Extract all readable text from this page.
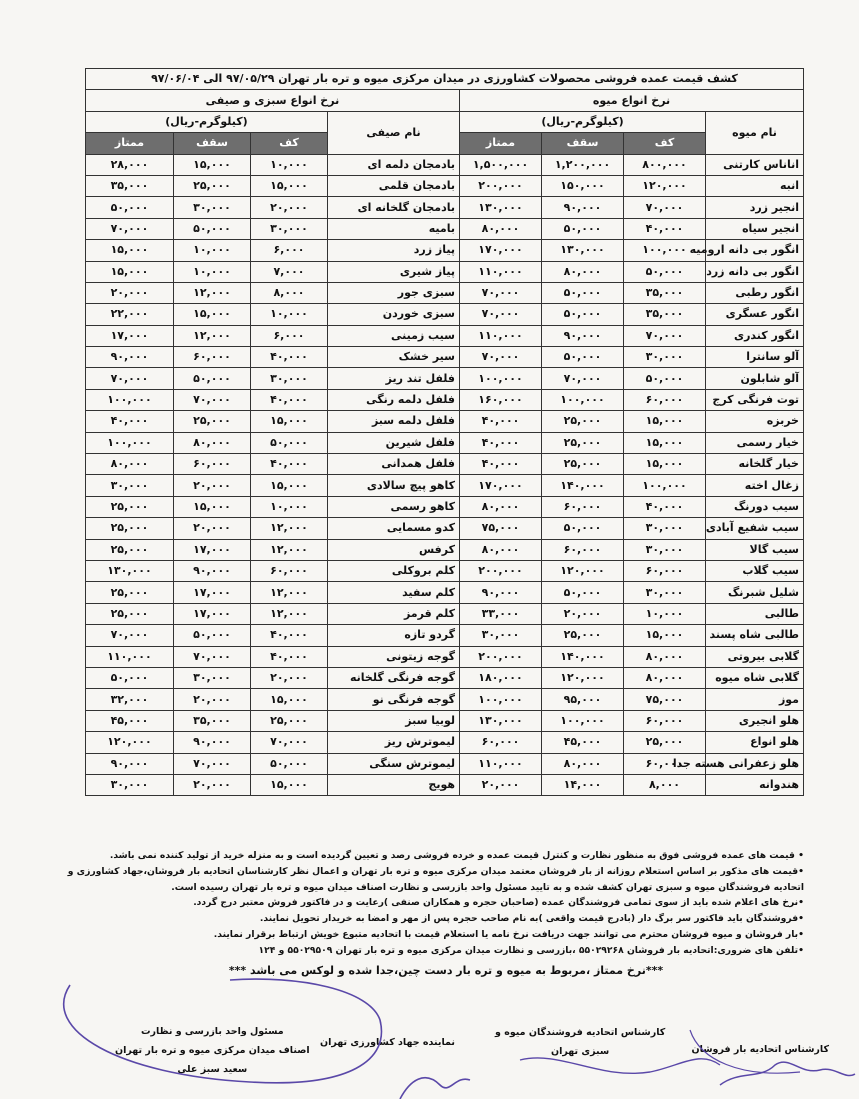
کشف قیمت عمده فروشی محصولات کشاورزی در میدان مرکزی میوه و تره بار تهران ۹۷/۰۵/۲۹ الی ۹۷/۰۶/۰۴							
نرخ انواع میوه				نرخ انواع سبزی و صیفی			
نام میوه	(کیلوگرم-ریال)			نام صیفی	(کیلوگرم-ریال)		
	کف	سقف	ممتاز		کف	سقف	ممتاز
اناناس کارتنی	۸۰۰,۰۰۰	۱,۲۰۰,۰۰۰	۱,۵۰۰,۰۰۰	بادمجان دلمه ای	۱۰,۰۰۰	۱۵,۰۰۰	۲۸,۰۰۰
انبه	۱۲۰,۰۰۰	۱۵۰,۰۰۰	۲۰۰,۰۰۰	بادمجان قلمی	۱۵,۰۰۰	۲۵,۰۰۰	۳۵,۰۰۰
انجیر زرد	۷۰,۰۰۰	۹۰,۰۰۰	۱۳۰,۰۰۰	بادمجان گلخانه ای	۲۰,۰۰۰	۳۰,۰۰۰	۵۰,۰۰۰
انجیر سیاه	۴۰,۰۰۰	۵۰,۰۰۰	۸۰,۰۰۰	بامیه	۳۰,۰۰۰	۵۰,۰۰۰	۷۰,۰۰۰
انگور بی دانه ارومیه	۱۰۰,۰۰۰	۱۳۰,۰۰۰	۱۷۰,۰۰۰	پیاز زرد	۶,۰۰۰	۱۰,۰۰۰	۱۵,۰۰۰
انگور بی دانه زرد	۵۰,۰۰۰	۸۰,۰۰۰	۱۱۰,۰۰۰	پیاز شیری	۷,۰۰۰	۱۰,۰۰۰	۱۵,۰۰۰
انگور رطبی	۳۵,۰۰۰	۵۰,۰۰۰	۷۰,۰۰۰	سبزی جور	۸,۰۰۰	۱۲,۰۰۰	۲۰,۰۰۰
انگور عسگری	۳۵,۰۰۰	۵۰,۰۰۰	۷۰,۰۰۰	سبزی خوردن	۱۰,۰۰۰	۱۵,۰۰۰	۲۲,۰۰۰
انگور کندری	۷۰,۰۰۰	۹۰,۰۰۰	۱۱۰,۰۰۰	سیب زمینی	۶,۰۰۰	۱۲,۰۰۰	۱۷,۰۰۰
آلو سانترا	۳۰,۰۰۰	۵۰,۰۰۰	۷۰,۰۰۰	سیر خشک	۴۰,۰۰۰	۶۰,۰۰۰	۹۰,۰۰۰
آلو شابلون	۵۰,۰۰۰	۷۰,۰۰۰	۱۰۰,۰۰۰	فلفل تند ریز	۳۰,۰۰۰	۵۰,۰۰۰	۷۰,۰۰۰
توت فرنگی کرج	۶۰,۰۰۰	۱۰۰,۰۰۰	۱۶۰,۰۰۰	فلفل دلمه رنگی	۴۰,۰۰۰	۷۰,۰۰۰	۱۰۰,۰۰۰
خربزه	۱۵,۰۰۰	۲۵,۰۰۰	۴۰,۰۰۰	فلفل دلمه سبز	۱۵,۰۰۰	۲۵,۰۰۰	۴۰,۰۰۰
خیار رسمی	۱۵,۰۰۰	۲۵,۰۰۰	۴۰,۰۰۰	فلفل شیرین	۵۰,۰۰۰	۸۰,۰۰۰	۱۰۰,۰۰۰
خیار گلخانه	۱۵,۰۰۰	۲۵,۰۰۰	۴۰,۰۰۰	فلفل همدانی	۴۰,۰۰۰	۶۰,۰۰۰	۸۰,۰۰۰
زغال اخته	۱۰۰,۰۰۰	۱۴۰,۰۰۰	۱۷۰,۰۰۰	کاهو پیچ سالادی	۱۵,۰۰۰	۲۰,۰۰۰	۳۰,۰۰۰
سیب دورنگ	۴۰,۰۰۰	۶۰,۰۰۰	۸۰,۰۰۰	کاهو رسمی	۱۰,۰۰۰	۱۵,۰۰۰	۲۵,۰۰۰
سیب شفیع آبادی	۳۰,۰۰۰	۵۰,۰۰۰	۷۵,۰۰۰	کدو مسمایی	۱۲,۰۰۰	۲۰,۰۰۰	۲۵,۰۰۰
سیب گالا	۳۰,۰۰۰	۶۰,۰۰۰	۸۰,۰۰۰	کرفس	۱۲,۰۰۰	۱۷,۰۰۰	۲۵,۰۰۰
سیب گلاب	۶۰,۰۰۰	۱۲۰,۰۰۰	۲۰۰,۰۰۰	کلم بروکلی	۶۰,۰۰۰	۹۰,۰۰۰	۱۳۰,۰۰۰
شلیل شبرنگ	۳۰,۰۰۰	۵۰,۰۰۰	۹۰,۰۰۰	کلم سفید	۱۲,۰۰۰	۱۷,۰۰۰	۲۵,۰۰۰
طالبی	۱۰,۰۰۰	۲۰,۰۰۰	۳۳,۰۰۰	کلم قرمز	۱۲,۰۰۰	۱۷,۰۰۰	۲۵,۰۰۰
طالبی شاه پسند	۱۵,۰۰۰	۲۵,۰۰۰	۳۰,۰۰۰	گردو تازه	۴۰,۰۰۰	۵۰,۰۰۰	۷۰,۰۰۰
گلابی بیروتی	۸۰,۰۰۰	۱۴۰,۰۰۰	۲۰۰,۰۰۰	گوجه زیتونی	۴۰,۰۰۰	۷۰,۰۰۰	۱۱۰,۰۰۰
گلابی شاه میوه	۸۰,۰۰۰	۱۲۰,۰۰۰	۱۸۰,۰۰۰	گوجه فرنگی گلخانه	۲۰,۰۰۰	۳۰,۰۰۰	۵۰,۰۰۰
موز	۷۵,۰۰۰	۹۵,۰۰۰	۱۰۰,۰۰۰	گوجه فرنگی نو	۱۵,۰۰۰	۲۰,۰۰۰	۳۲,۰۰۰
هلو انجیری	۶۰,۰۰۰	۱۰۰,۰۰۰	۱۳۰,۰۰۰	لوبیا سبز	۲۵,۰۰۰	۳۵,۰۰۰	۴۵,۰۰۰
هلو انواع	۲۵,۰۰۰	۴۵,۰۰۰	۶۰,۰۰۰	لیموترش ریز	۷۰,۰۰۰	۹۰,۰۰۰	۱۲۰,۰۰۰
هلو زعفرانی هسته جدا	۶۰,۰۰۰	۸۰,۰۰۰	۱۱۰,۰۰۰	لیموترش سنگی	۵۰,۰۰۰	۷۰,۰۰۰	۹۰,۰۰۰
هندوانه	۸,۰۰۰	۱۴,۰۰۰	۲۰,۰۰۰	هویج	۱۵,۰۰۰	۲۰,۰۰۰	۳۰,۰۰۰

• قیمت های عمده فروشی فوق به منظور نظارت و کنترل قیمت عمده و خرده فروشی رصد و تعیین گردیده است و به منزله خرید از تولید کننده نمی باشد.

•قیمت های مذکور بر اساس استعلام روزانه از بار فروشان معتمد میدان مرکزی میوه و تره بار تهران و اعمال نظر کارشناسان اتحادیه بار فروشان،جهاد کشاورزی و

اتحادیه فروشندگان میوه و سبزی تهران کشف شده و به تایید مسئول واحد بازرسی و نظارت اصناف میدان میوه و تره بار تهران رسیده است.

•نرخ های اعلام شده باید از سوی تمامی فروشندگان عمده (صاحبان حجره و همکاران صنفی )رعایت و در فاکتور فروش معتبر درج گردد.

•فروشندگان باید فاکتور سر برگ دار (بادرج قیمت واقعی )به نام صاحب حجره پس از مهر و امضا به خریدار تحویل نمایند.

•بار فروشان و میوه فروشان محترم می توانند جهت دریافت نرخ نامه یا استعلام قیمت با اتحادیه متبوع خویش ارتباط برقرار نمایند.

•تلفن های ضروری:اتحادیه بار فروشان ۵۵۰۲۹۲۶۸ ،بازرسی و نظارت میدان مرکزی میوه و تره بار تهران ۵۵۰۲۹۵۰۹ و ۱۲۴

***نرخ ممتاز ،مربوط به میوه و تره بار دست چین،جدا شده و لوکس می باشد ***

کارشناس اتحادیه بار فروشان

کارشناس اتحادیه فروشندگان میوه و

سبزی تهران

نماینده جهاد کشاورزی تهران

مسئول واحد بازرسی و نظارت

اصناف میدان مرکزی میوه و تره بار تهران

سعید سبز علی
